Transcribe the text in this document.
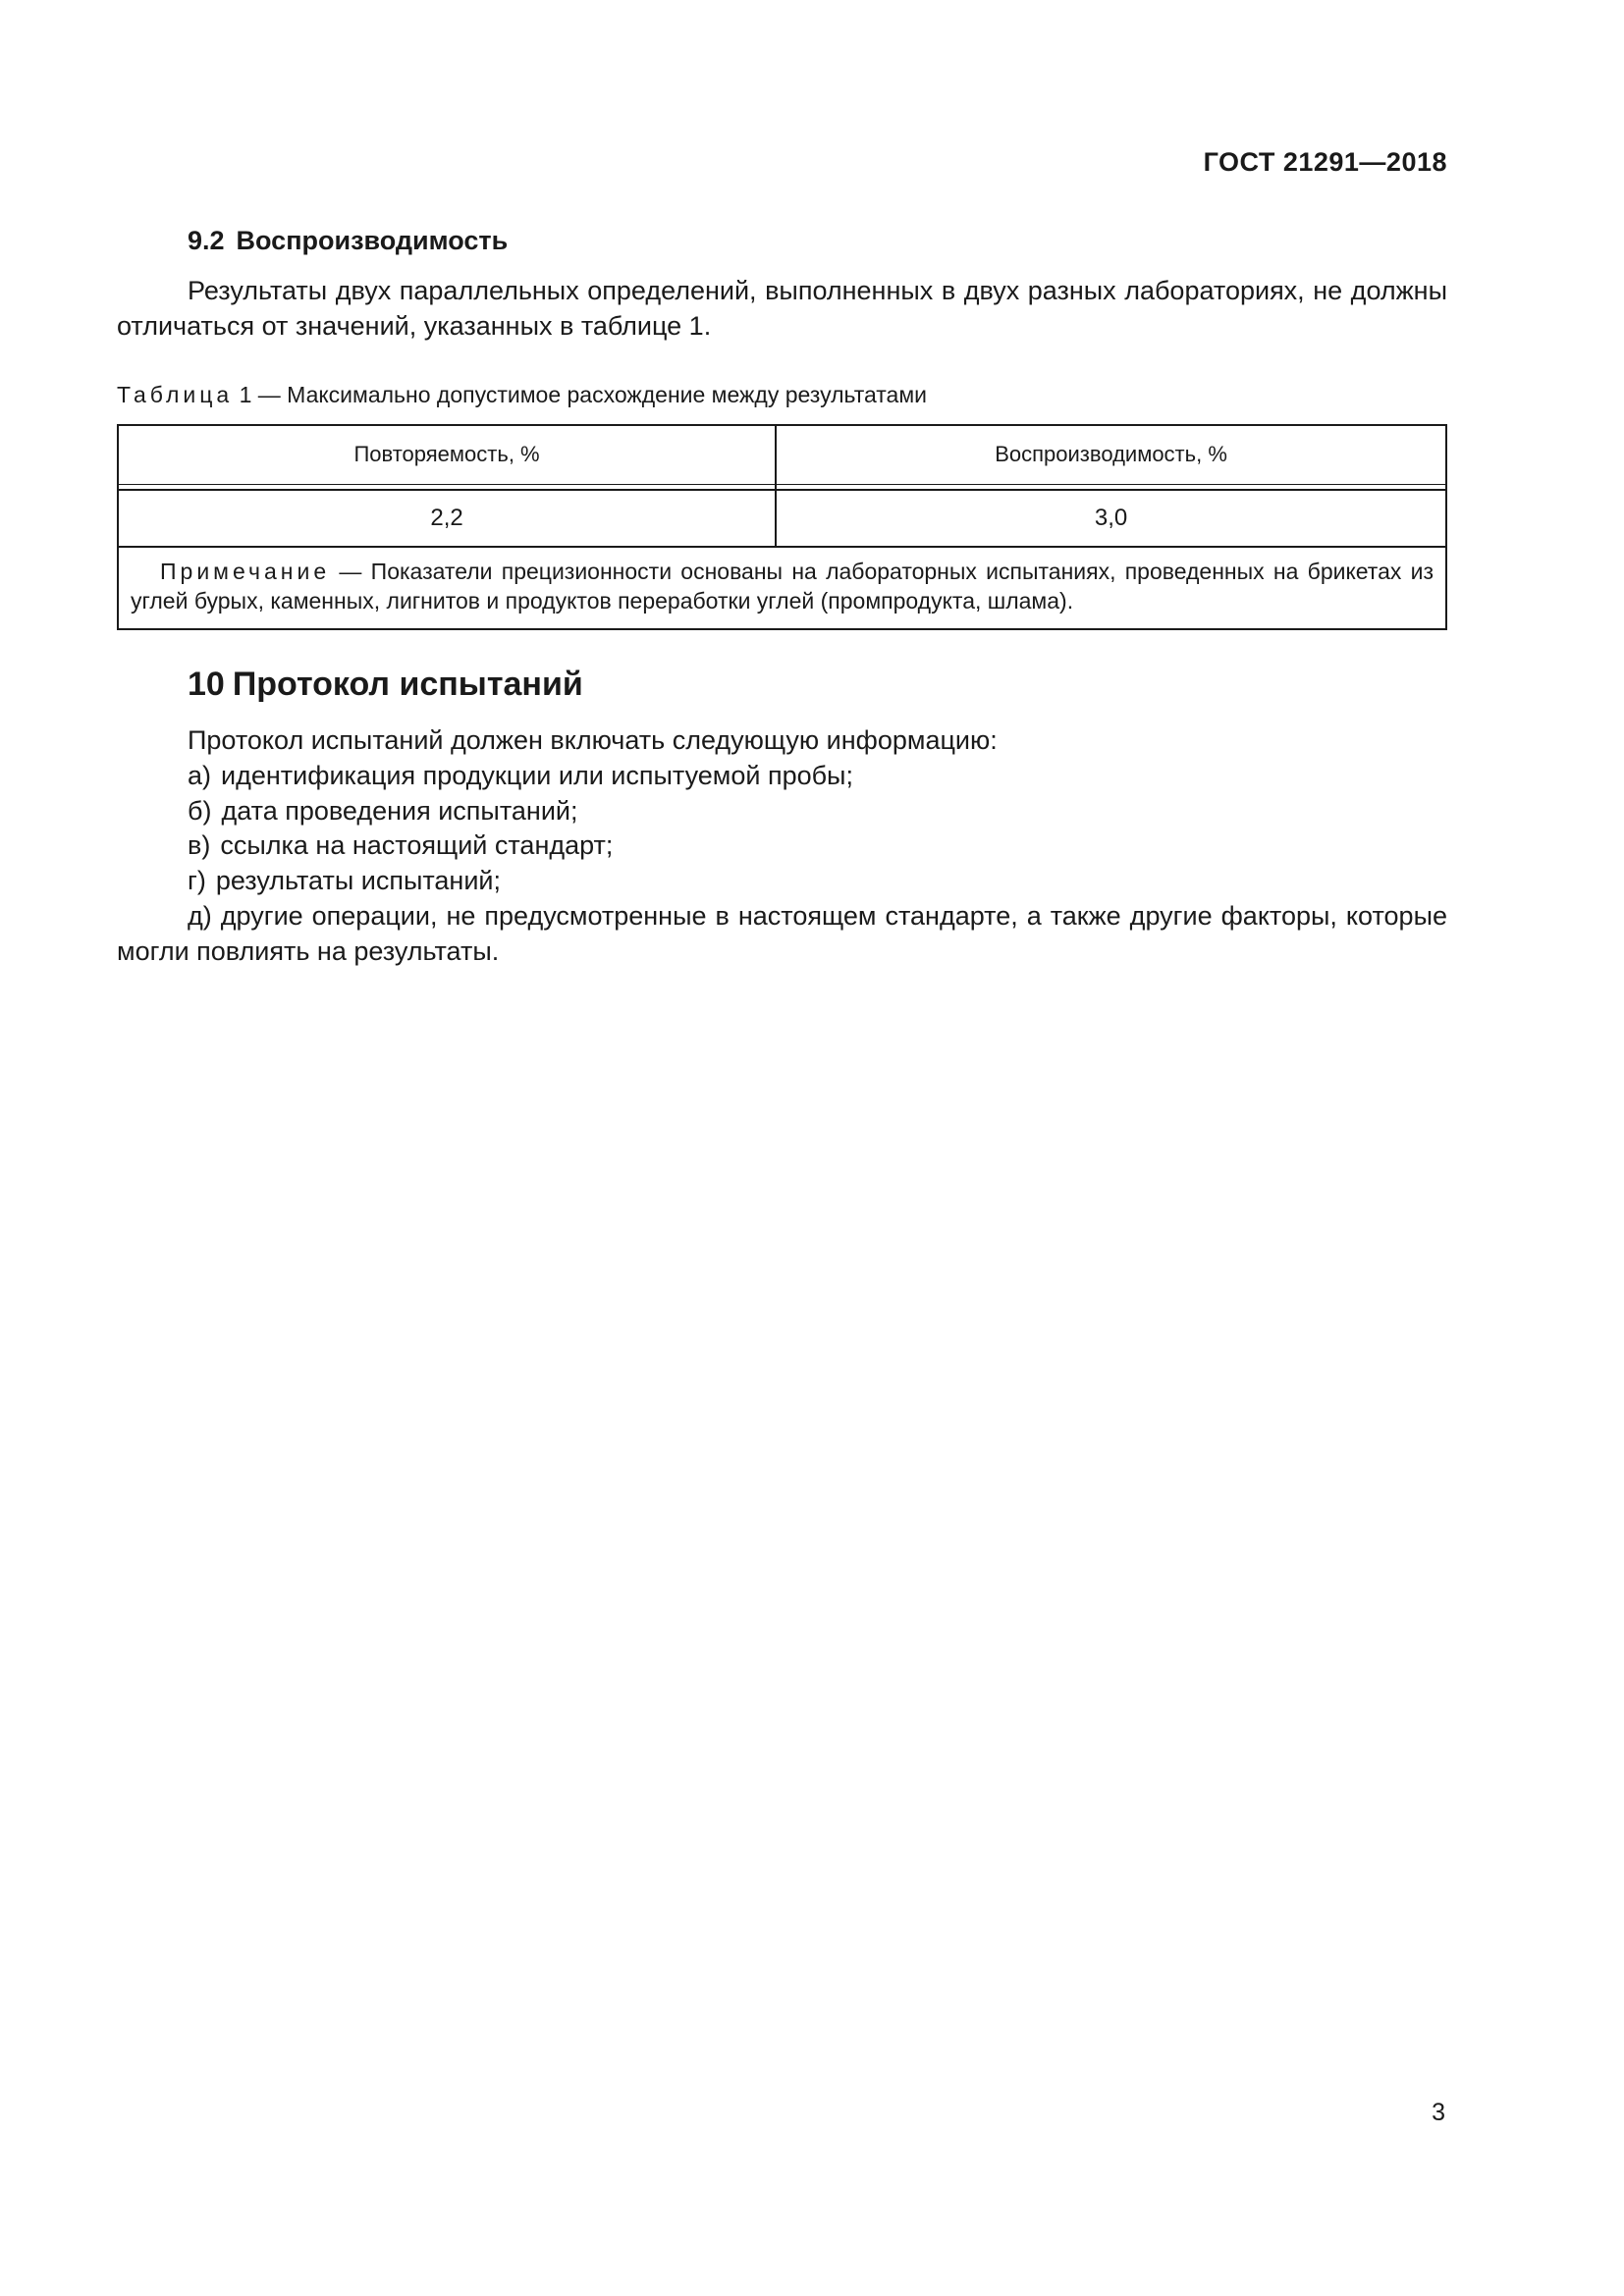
ГОСТ 21291—2018
9.2 Воспроизводимость

Результаты двух параллельных определений, выполненных в двух разных лабораториях, не должны отличаться от значений, указанных в таблице 1.

Таблица 1 — Максимально допустимое расхождение между результатами
Повторяемость, %	Воспроизводимость, %

2,2	3,0
Примечание — Показатели прецизионности основаны на лабораторных испытаниях, проведенных на брикетах из углей бурых, каменных, лигнитов и продуктов переработки углей (промпродукта, шлама).	
10 Протокол испытаний

Протокол испытаний должен включать следующую информацию:

а) идентификация продукции или испытуемой пробы;

б) дата проведения испытаний;

в) ссылка на настоящий стандарт;

г) результаты испытаний;

д) другие операции, не предусмотренные в настоящем стандарте, а также другие факторы, которые могли повлиять на результаты.

3
